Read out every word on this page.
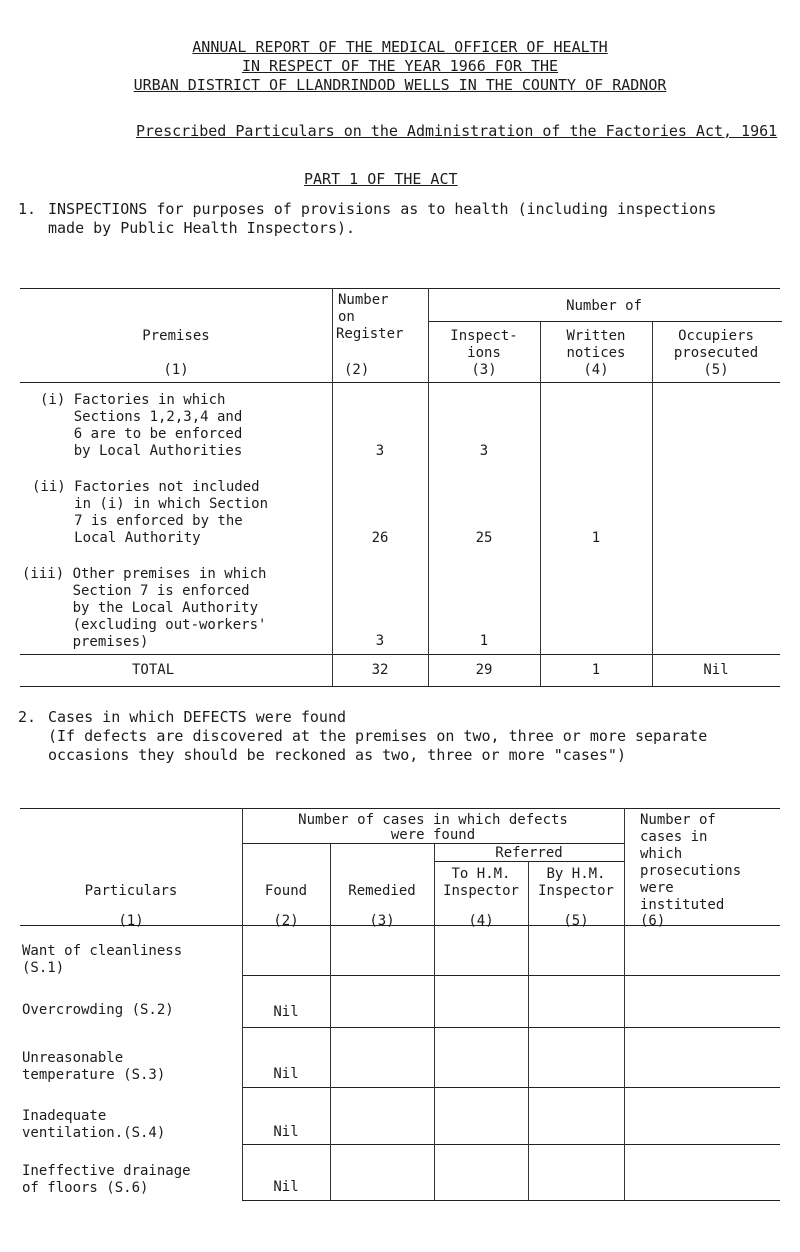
ANNUAL REPORT OF THE MEDICAL OFFICER OF HEALTH
IN RESPECT OF THE YEAR 1966 FOR THE
URBAN DISTRICT OF LLANDRINDOD WELLS IN THE COUNTY OF RADNOR
Prescribed Particulars on the Administration of the Factories Act, 1961
PART 1 OF THE ACT
1. INSPECTIONS for purposes of provisions as to health (including inspections
made by Public Health Inspectors).
Premises
(1)
Number
on
Register
(2)
Number of
Inspect-
ions
(3)
Written
notices
(4)
Occupiers
prosecuted
(5)
(i) Factories in which
Sections 1,2,3,4 and
6 are to be enforced
by Local Authorities	3	3
(ii) Factories not included
in (i) in which Section
7 is enforced by the
Local Authority	26	25	1
(iii) Other premises in which
Section 7 is enforced
by the Local Authority
(excluding out-workers'
premises)	3	1
TOTAL	32	29	1	Nil
2. Cases in which DEFECTS were found
(If defects are discovered at the premises on two, three or more separate
occasions they should be reckoned as two, three or more "cases")
Particulars
(1)
Number of cases in which defects
were found
Referred
Found
(2)
Remedied
(3)
To H.M.
Inspector
(4)
By H.M.
Inspector
(5)
Number of
cases in
which
prosecutions
were
instituted
(6)
Want of cleanliness
(S.1)
Overcrowding (S.2)	Nil
Unreasonable
temperature (S.3)	Nil
Inadequate
ventilation.(S.4)	Nil
Ineffective drainage
of floors (S.6)	Nil
